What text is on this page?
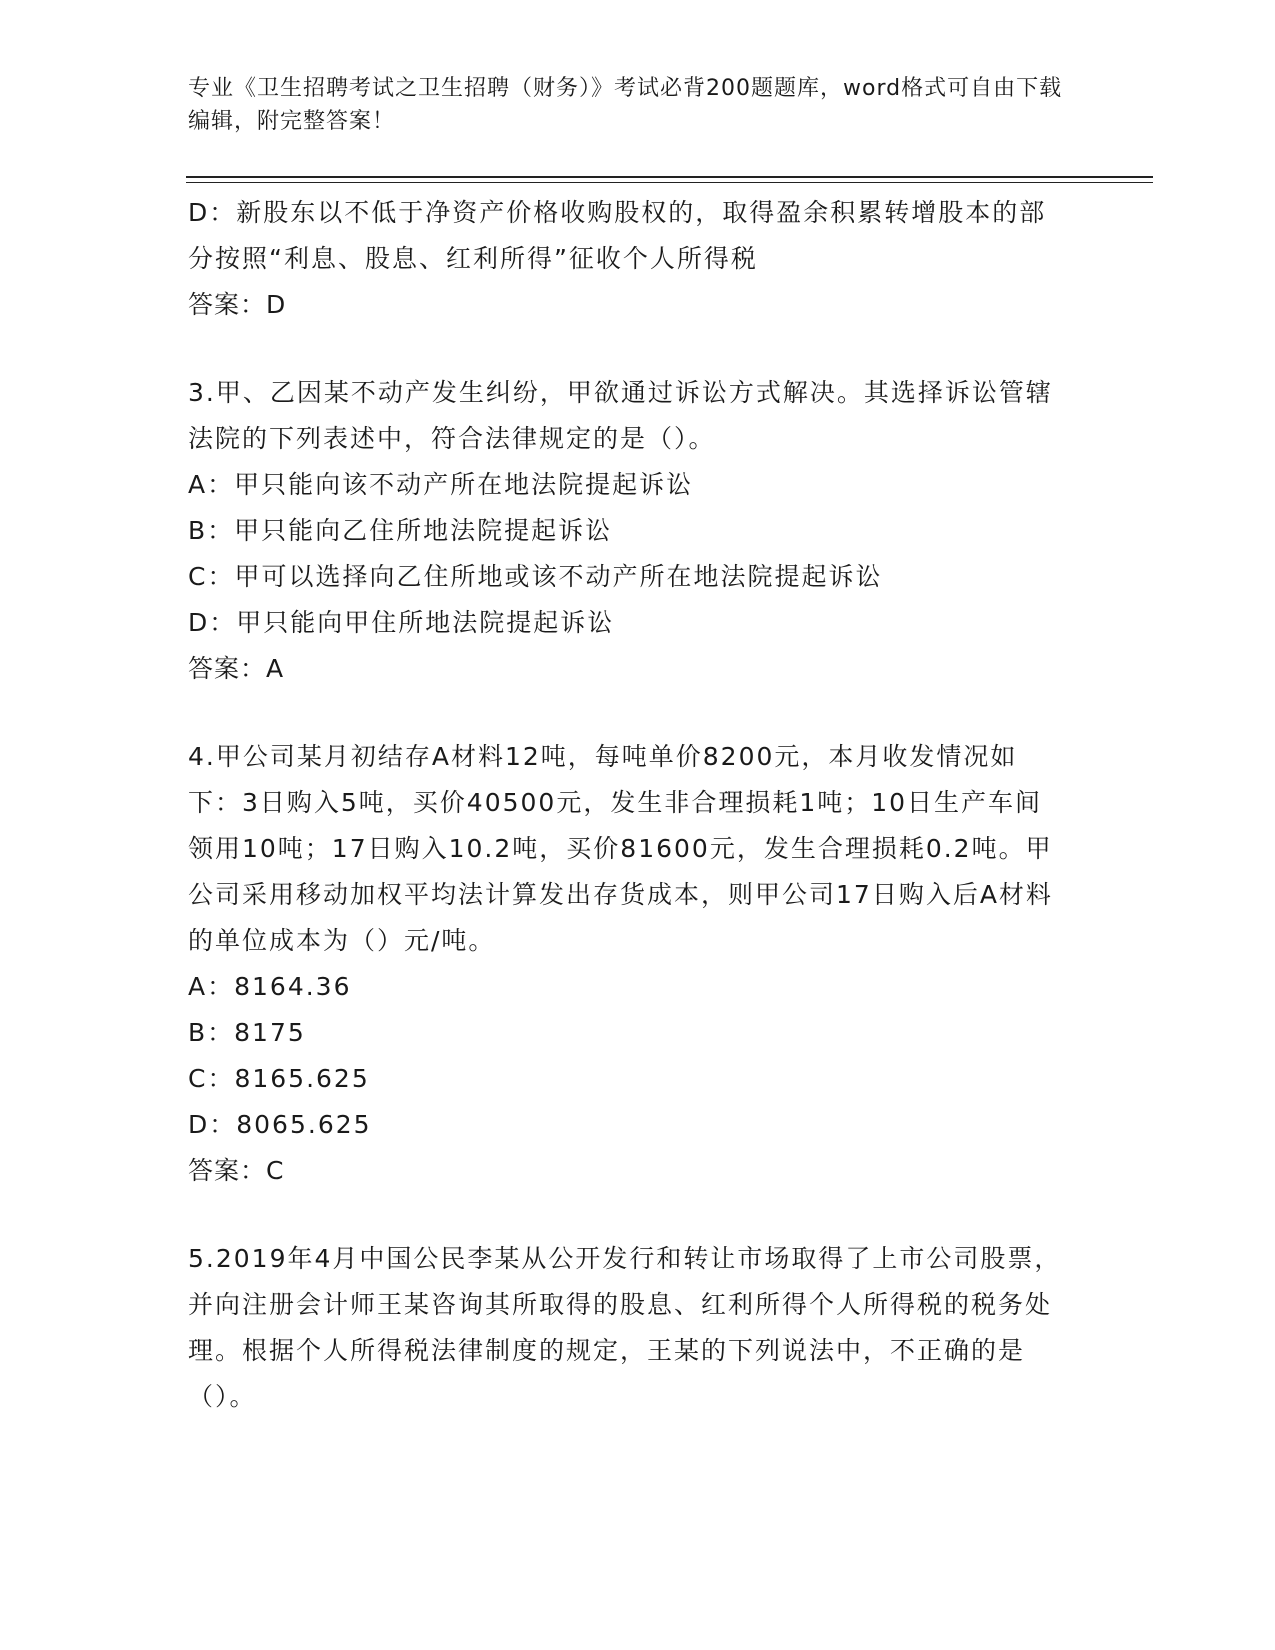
专业《卫生招聘考试之卫生招聘（财务）》考试必背200题题库，word格式可自由下载编辑，附完整答案！

D：新股东以不低于净资产价格收购股权的，取得盈余积累转增股本的部分按照“利息、股息、红利所得”征收个人所得税

答案：D

3.甲、乙因某不动产发生纠纷，甲欲通过诉讼方式解决。其选择诉讼管辖法院的下列表述中，符合法律规定的是（）。

A：甲只能向该不动产所在地法院提起诉讼

B：甲只能向乙住所地法院提起诉讼

C：甲可以选择向乙住所地或该不动产所在地法院提起诉讼

D：甲只能向甲住所地法院提起诉讼

答案：A

4.甲公司某月初结存A材料12吨，每吨单价8200元，本月收发情况如下：3日购入5吨，买价40500元，发生非合理损耗1吨；10日生产车间领用10吨；17日购入10.2吨，买价81600元，发生合理损耗0.2吨。甲公司采用移动加权平均法计算发出存货成本，则甲公司17日购入后A材料的单位成本为（）元/吨。

A：8164.36

B：8175

C：8165.625

D：8065.625

答案：C

5.2019年4月中国公民李某从公开发行和转让市场取得了上市公司股票，并向注册会计师王某咨询其所取得的股息、红利所得个人所得税的税务处理。根据个人所得税法律制度的规定，王某的下列说法中，不正确的是（）。
